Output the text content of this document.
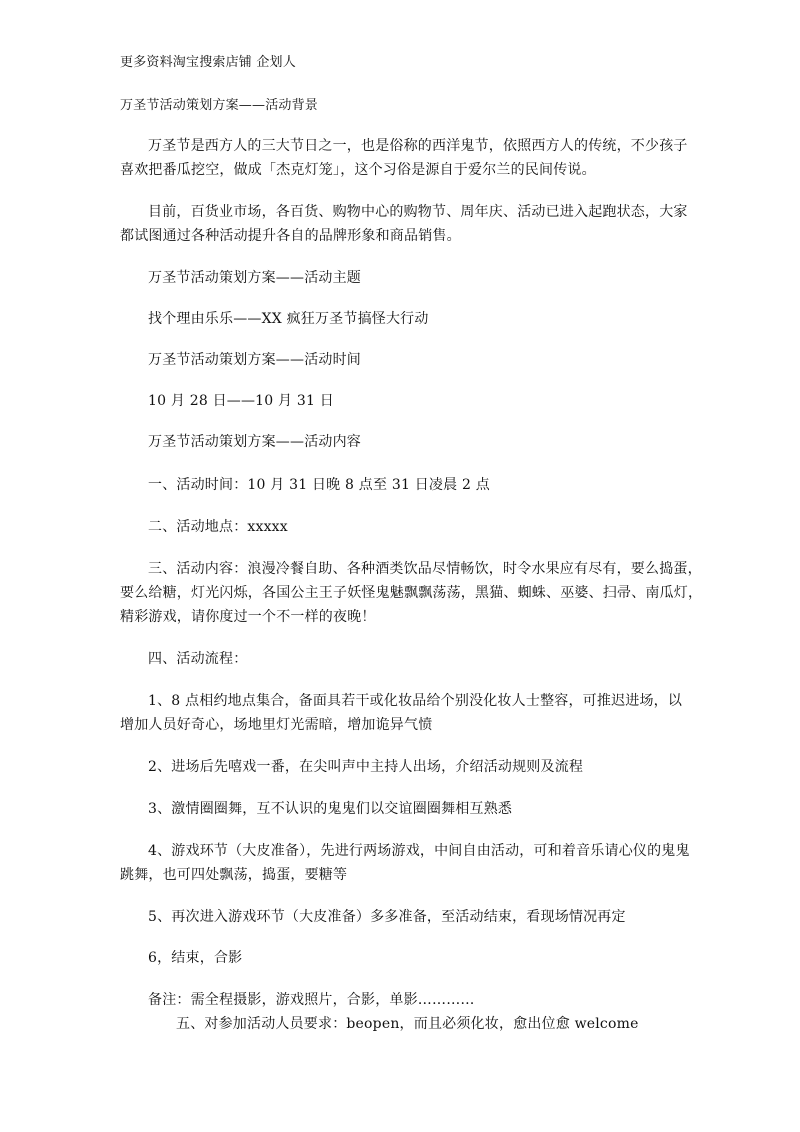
更多资料淘宝搜索店铺 企划人
万圣节活动策划方案——活动背景
万圣节是西方人的三大节日之一，也是俗称的西洋鬼节，依照西方人的传统，不少孩子
喜欢把番瓜挖空，做成「杰克灯笼」，这个习俗是源自于爱尔兰的民间传说。
目前，百货业市场，各百货、购物中心的购物节、周年庆、活动已进入起跑状态，大家
都试图通过各种活动提升各自的品牌形象和商品销售。
万圣节活动策划方案——活动主题
找个理由乐乐——XX 疯狂万圣节搞怪大行动
万圣节活动策划方案——活动时间
10 月 28 日——10 月 31 日
万圣节活动策划方案——活动内容
一、活动时间：10 月 31 日晚 8 点至 31 日凌晨 2 点
二、活动地点：xxxxx
三、活动内容：浪漫冷餐自助、各种酒类饮品尽情畅饮，时令水果应有尽有，要么捣蛋，
要么给糖，灯光闪烁，各国公主王子妖怪鬼魅飘飘荡荡，黑猫、蜘蛛、巫婆、扫帚、南瓜灯，
精彩游戏，请你度过一个不一样的夜晚！
四、活动流程：
1、8 点相约地点集合，备面具若干或化妆品给个别没化妆人士整容，可推迟进场，以
增加人员好奇心，场地里灯光需暗，增加诡异气愤
2、进场后先嘻戏一番，在尖叫声中主持人出场，介绍活动规则及流程
3、激情圈圈舞，互不认识的鬼鬼们以交谊圈圈舞相互熟悉
4、游戏环节（大皮准备），先进行两场游戏，中间自由活动，可和着音乐请心仪的鬼鬼
跳舞，也可四处飘荡，捣蛋，要糖等
5、再次进入游戏环节（大皮准备）多多准备，至活动结束，看现场情况再定
6，结束，合影
备注：需全程摄影，游戏照片，合影，单影…………
五、对参加活动人员要求：beopen，而且必须化妆，愈出位愈 welcome
